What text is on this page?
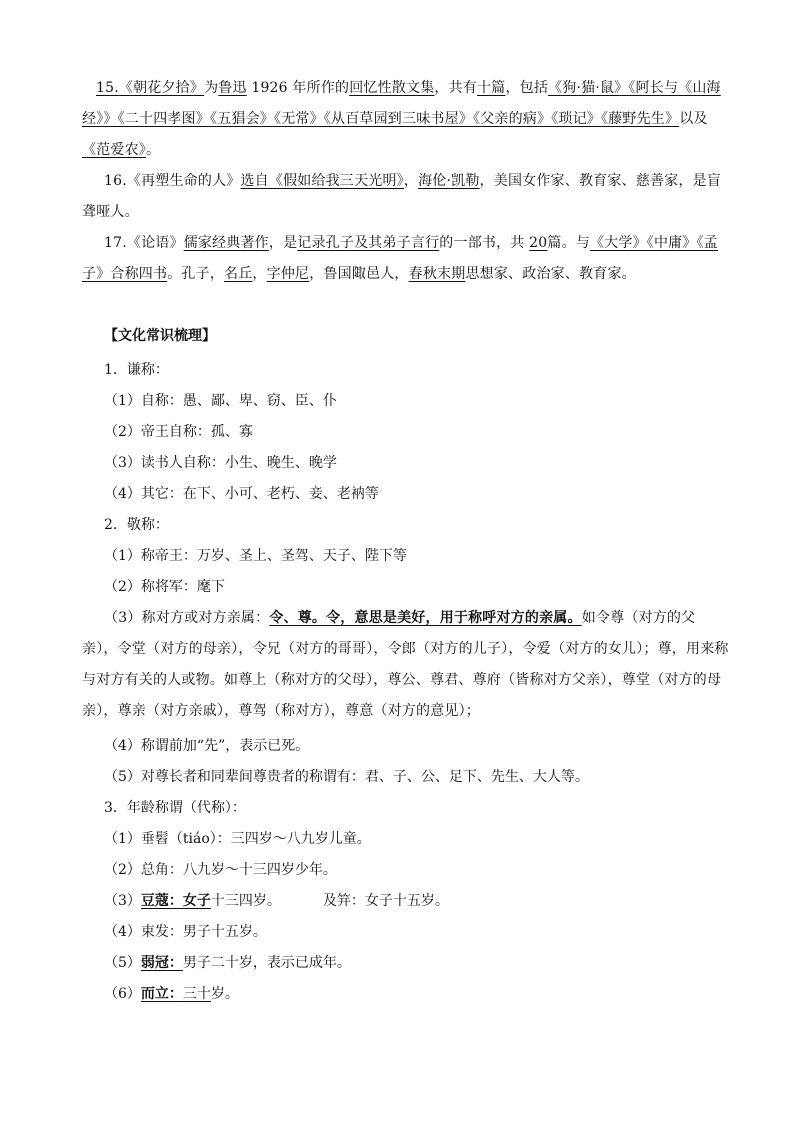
15.《朝花夕拾》为鲁迅 1926 年所作的回忆性散文集，共有十篇，包括《狗·猫·鼠》《阿长与《山海经》》《二十四孝图》《五猖会》《无常》《从百草园到三味书屋》《父亲的病》《琐记》《藤野先生》以及《范爱农》。
16.《再塑生命的人》选自《假如给我三天光明》，海伦·凯勒，美国女作家、教育家、慈善家，是盲聋哑人。
17.《论语》儒家经典著作，是记录孔子及其弟子言行的一部书，共 20篇。与《大学》《中庸》《孟子》合称四书。孔子，名丘，字仲尼，鲁国陬邑人，春秋末期思想家、政治家、教育家。
【文化常识梳理】
1．谦称：
（1）自称：愚、鄙、卑、窃、臣、仆
（2）帝王自称：孤、寡
（3）读书人自称：小生、晚生、晚学
（4）其它：在下、小可、老朽、妾、老衲等
2．敬称：
（1）称帝王：万岁、圣上、圣驾、天子、陛下等
（2）称将军：麾下
（3）称对方或对方亲属：令、尊。令，意思是美好，用于称呼对方的亲属。如令尊（对方的父亲），令堂（对方的母亲），令兄（对方的哥哥），令郎（对方的儿子），令爱（对方的女儿）；尊，用来称与对方有关的人或物。如尊上（称对方的父母），尊公、尊君、尊府（皆称对方父亲），尊堂（对方的母亲），尊亲（对方亲戚），尊驾（称对方），尊意（对方的意见）；
（4）称谓前加“先”，表示已死。
（5）对尊长者和同辈间尊贵者的称谓有：君、子、公、足下、先生、大人等。
3．年龄称谓（代称）：
（1）垂髫（tiáo）：三四岁～八九岁儿童。
（2）总角：八九岁～十三四岁少年。
（3）豆蔻：女子十三四岁。	及笄：女子十五岁。
（4）束发：男子十五岁。
（5）弱冠：男子二十岁，表示已成年。
（6）而立：三十岁。
